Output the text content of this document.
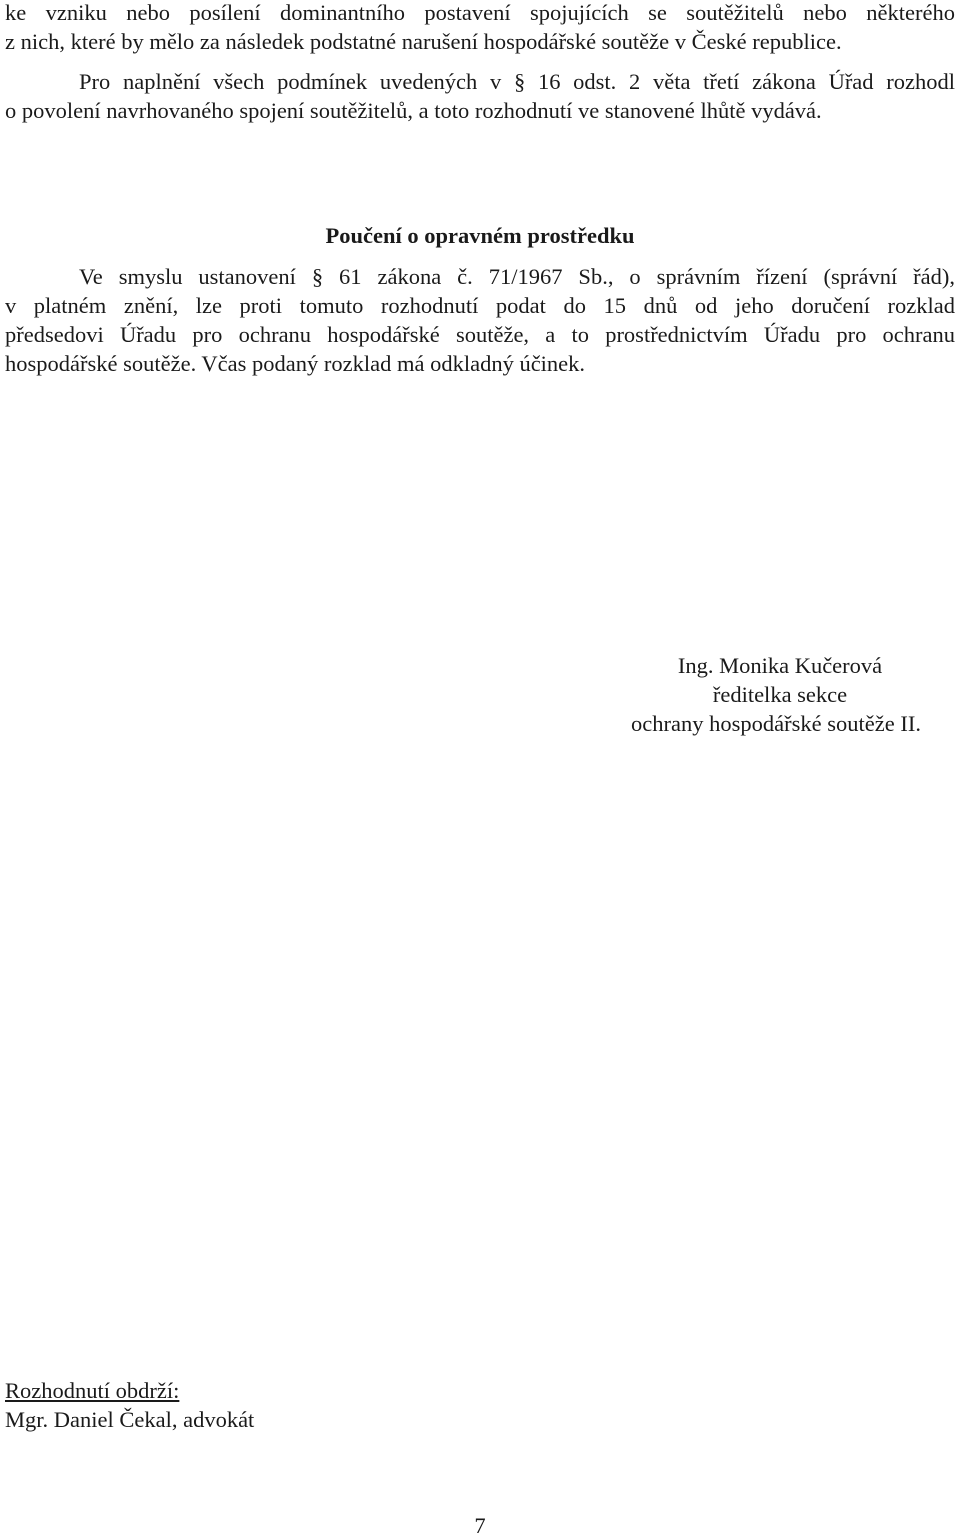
ke vzniku nebo posílení dominantního postavení spojujících se soutěžitelů nebo některého
z nich, které by mělo za následek podstatné narušení hospodářské soutěže v České republice.
Pro naplnění všech podmínek uvedených v § 16 odst. 2 věta třetí zákona Úřad rozhodl
o povolení navrhovaného spojení soutěžitelů, a toto rozhodnutí ve stanovené lhůtě vydává.
Poučení o opravném prostředku
Ve smyslu ustanovení § 61 zákona č. 71/1967 Sb., o správním řízení (správní řád),
v platném znění, lze proti tomuto rozhodnutí podat do 15 dnů od jeho doručení rozklad
předsedovi Úřadu pro ochranu hospodářské soutěže, a to prostřednictvím Úřadu pro ochranu
hospodářské soutěže. Včas podaný rozklad má odkladný účinek.
Ing. Monika Kučerová
ředitelka sekce
ochrany hospodářské soutěže II.
Rozhodnutí obdrží:
Mgr. Daniel Čekal, advokát
7
